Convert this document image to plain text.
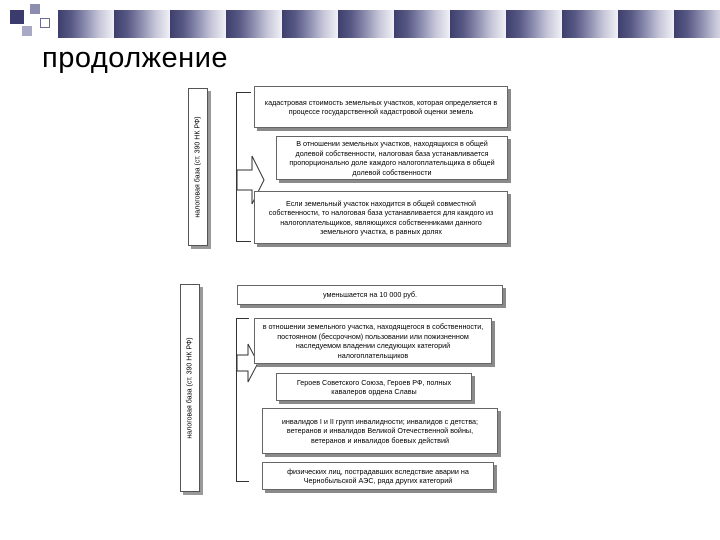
продолжение
налоговая база (ст. 390 НК РФ)
кадастровая стоимость земельных участков, которая определяется в процессе государственной кадастровой оценки земель
В отношении земельных участков, находящихся в общей долевой собственности, налоговая база устанавливается пропорционально доле каждого налогоплательщика в общей долевой собственности
Если земельный участок находится в общей совместной собственности, то налоговая база устанавливается для каждого из налогоплательщиков, являющихся собственниками данного земельного участка, в равных долях
налоговая база (ст. 390 НК РФ)
уменьшается на 10 000 руб.
в отношении земельного участка, находящегося в собственности, постоянном (бессрочном) пользовании или пожизненном наследуемом владении следующих категорий налогоплательщиков
Героев Советского Союза, Героев РФ, полных кавалеров ордена Славы
инвалидов I и II групп инвалидности; инвалидов с детства; ветеранов и инвалидов Великой Отечественной войны, ветеранов и инвалидов боевых действий
физических лиц, пострадавших вследствие аварии на Чернобыльской АЭС, ряда других категорий
